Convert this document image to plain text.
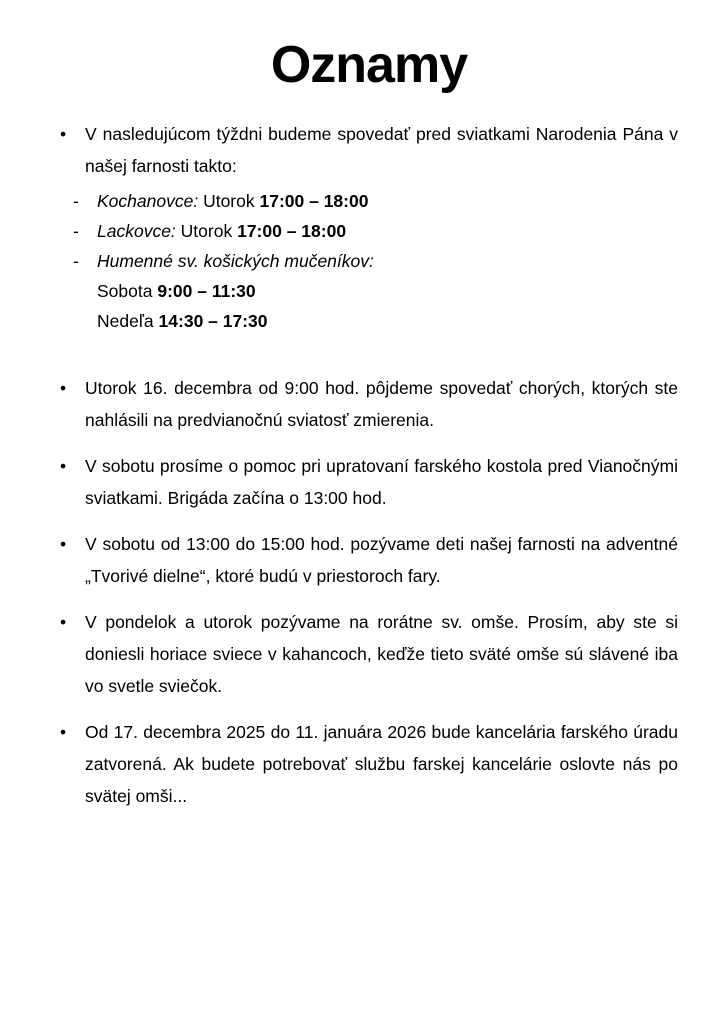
Oznamy
•	V nasledujúcom týždni budeme spovedať pred sviatkami Narodenia Pána v našej farnosti takto:

-	Kochanovce: Utorok 17:00 – 18:00

-	Lackovce: Utorok 17:00 – 18:00

-	Humenné sv. košických mučeníkov:

Sobota 9:00 – 11:30

Nedeľa 14:30 – 17:30

•	Utorok 16. decembra od 9:00 hod. pôjdeme spovedať chorých, ktorých ste nahlásili na predvianočnú sviatosť zmierenia.

•	V sobotu prosíme o pomoc pri upratovaní farského kostola pred Vianočnými sviatkami. Brigáda začína o 13:00 hod.

•	V sobotu od 13:00 do 15:00 hod. pozývame deti našej farnosti na adventné „Tvorivé dielne“, ktoré budú v priestoroch fary.

•	V pondelok a utorok pozývame na rorátne sv. omše. Prosím, aby ste si doniesli horiace sviece v kahancoch, keďže tieto sväté omše sú slávené iba vo svetle sviečok.

•	Od 17. decembra 2025 do 11. januára 2026 bude kancelária farského úradu zatvorená. Ak budete potrebovať službu farskej kancelárie oslovte nás po svätej omši...
